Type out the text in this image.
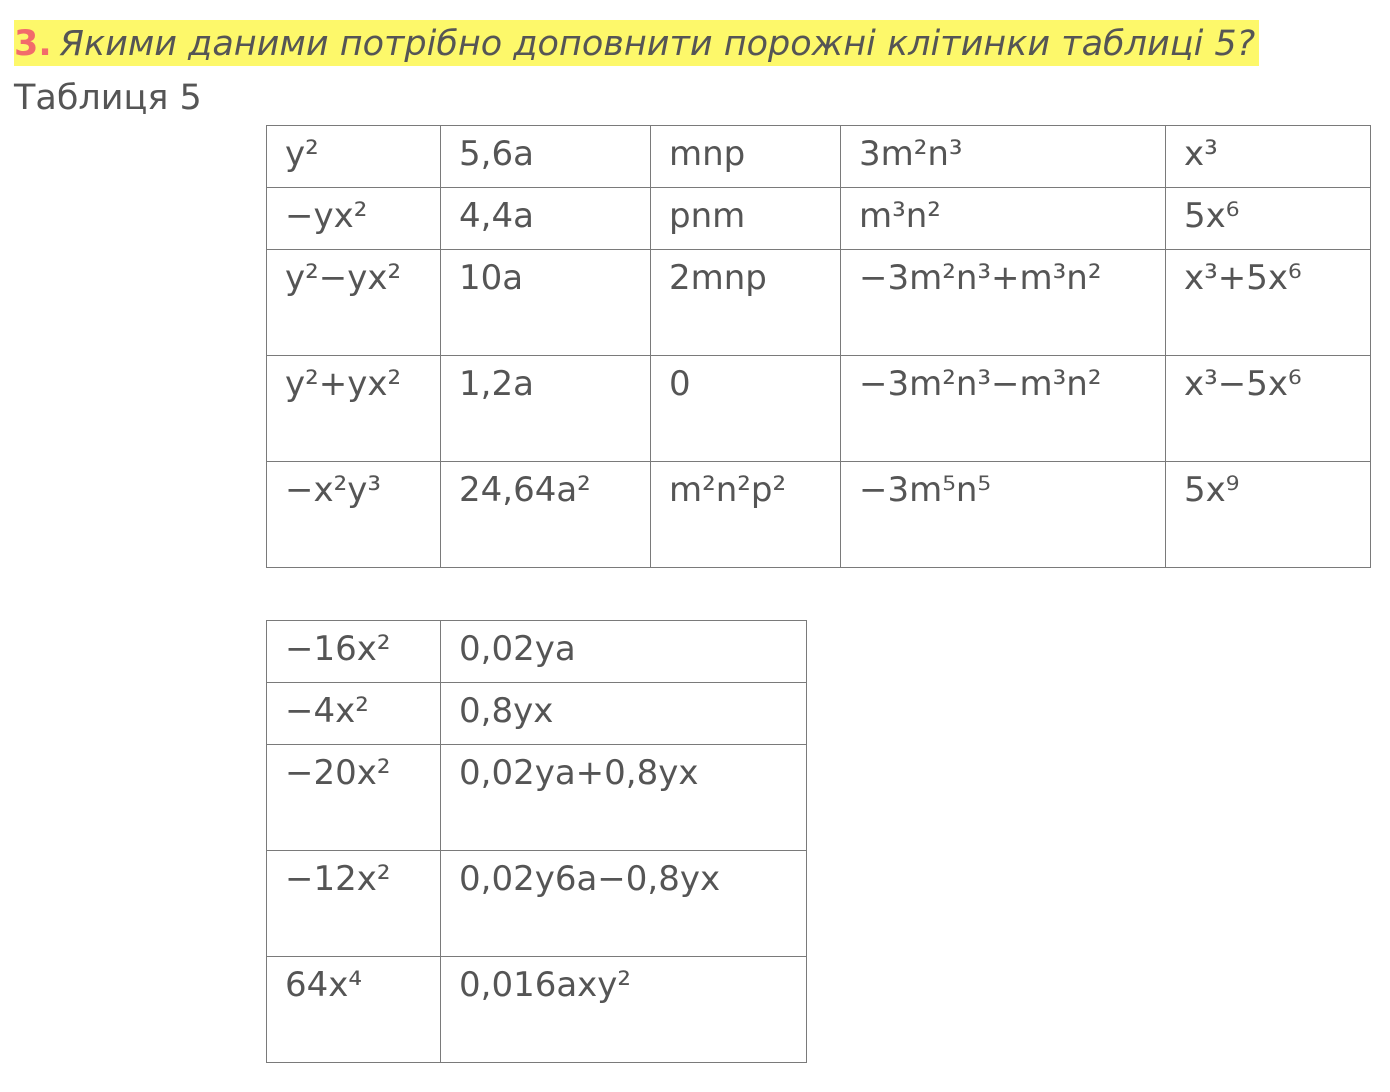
3. Якими даними потрібно доповнити порожні клітинки таблиці 5?
Таблиця 5
y²	5,6a	mnp	3m²n³	x³
−yx²	4,4a	pnm	m³n²	5x⁶
y²−yx²	10a	2mnp	−3m²n³+m³n²	x³+5x⁶
y²+yx²	1,2a	0	−3m²n³−m³n²	x³−5x⁶
−x²y³	24,64a²	m²n²p²	−3m⁵n⁵	5x⁹
−16x²	0,02ya
−4x²	0,8yx
−20x²	0,02ya+0,8yx
−12x²	0,02y6a−0,8yx
64x⁴	0,016axy²
